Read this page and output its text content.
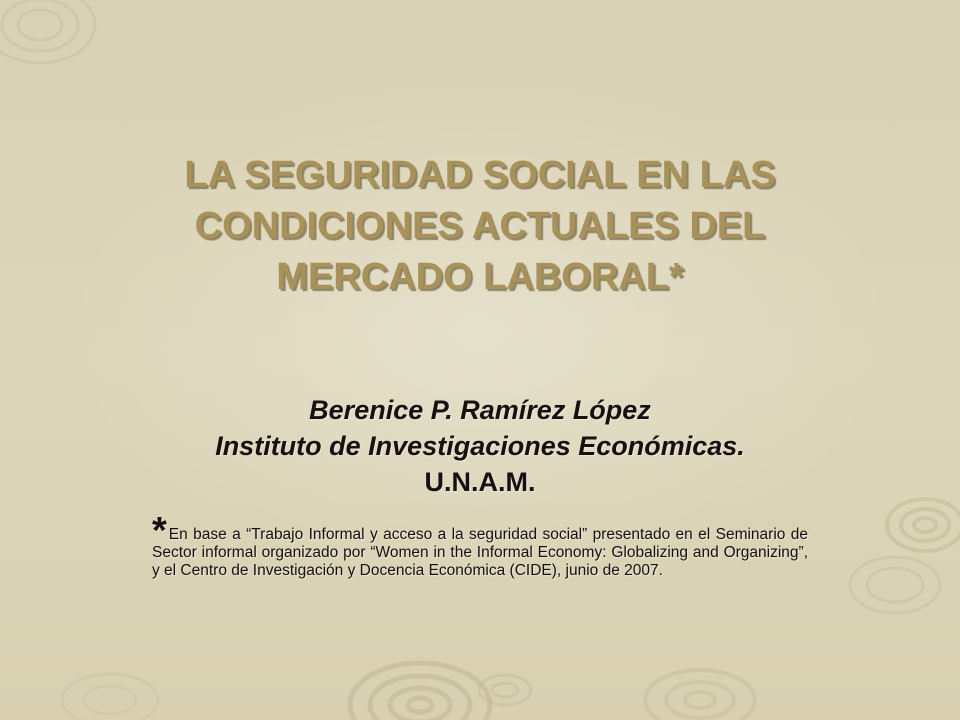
LA SEGURIDAD SOCIAL EN LAS CONDICIONES ACTUALES DEL MERCADO LABORAL*
Berenice P. Ramírez López
Instituto de Investigaciones Económicas.
U.N.A.M.
* En base a “Trabajo Informal y acceso a la seguridad social” presentado en el Seminario de Sector informal organizado por “Women in the Informal Economy: Globalizing and Organizing”, y el Centro de Investigación y Docencia Económica (CIDE), junio de 2007.
